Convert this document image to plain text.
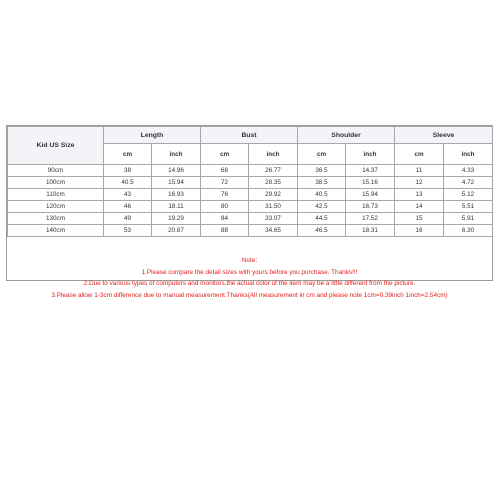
Kid US Size	Length		Bust		Shoulder		Sleeve	
	cm	inch	cm	inch	cm	inch	cm	inch
90cm	38	14.96	68	26.77	36.5	14.37	11	4.33
100cm	40.5	15.94	72	28.35	38.5	15.16	12	4.72
110cm	43	16.93	76	29.92	40.5	15.94	13	5.12
120cm	46	18.11	80	31.50	42.5	16.73	14	5.51
130cm	49	19.29	84	33.07	44.5	17.52	15	5.91
140cm	53	20.87	88	34.65	46.5	18.31	16	6.30
Note:
1.Please compare the detail sizes with yours before you purchase. Thanks!!!
2.Due to various types of computers and monitors,the actual color of the item may be a little different from the picture.
3.Please allow 1-3cm difference due to manual measurement.Thanks(All measurement in cm and please note 1cm=0.39inch 1inch=2.54cm)
